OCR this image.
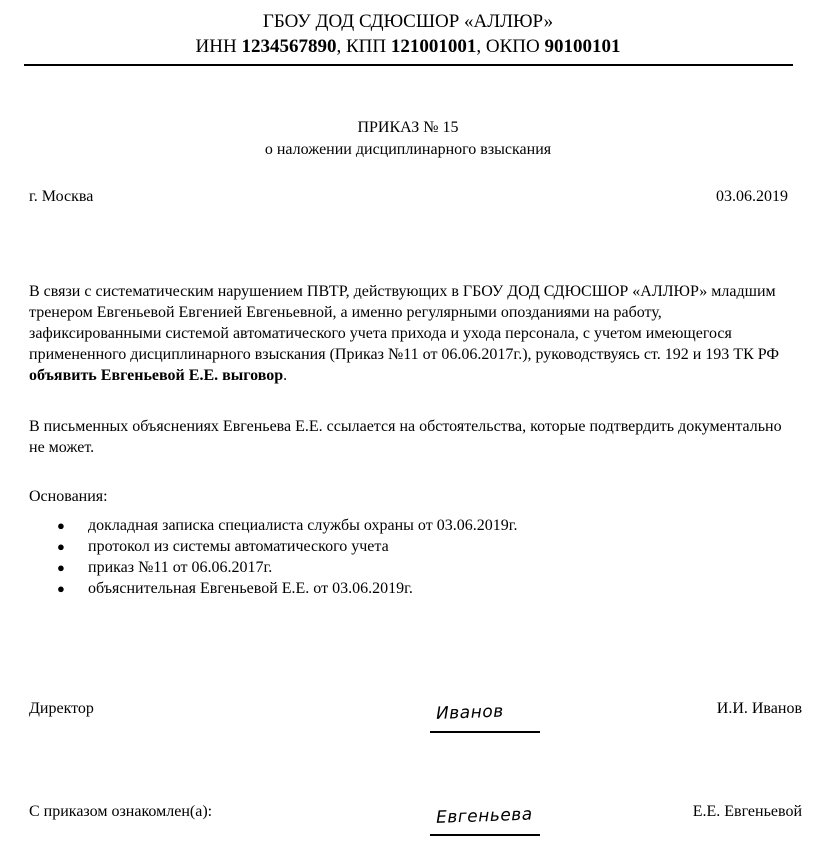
ГБОУ ДОД СДЮСШОР «АЛЛЮР»
ИНН 1234567890, КПП 121001001, ОКПО 90100101
ПРИКАЗ № 15
о наложении дисциплинарного взыскания
г. Москва	03.06.2019
В связи с систематическим нарушением ПВТР, действующих в ГБОУ ДОД СДЮСШОР «АЛЛЮР» младшим тренером Евгеньевой Евгенией Евгеньевной, а именно регулярными опозданиями на работу, зафиксированными системой автоматического учета прихода и ухода персонала, с учетом имеющегося примененного дисциплинарного взыскания (Приказ №11 от 06.06.2017г.), руководствуясь ст. 192 и 193 ТК РФ объявить Евгеньевой Е.Е. выговор.
В письменных объяснениях Евгеньева Е.Е. ссылается на обстоятельства, которые подтвердить документально не может.
Основания:
● докладная записка специалиста службы охраны от 03.06.2019г.
● протокол из системы автоматического учета
● приказ №11 от 06.06.2017г.
● объяснительная Евгеньевой Е.Е. от 03.06.2019г.
Директор	Иванов	И.И. Иванов
С приказом ознакомлен(а):	Евгеньева	Е.Е. Евгеньевой
